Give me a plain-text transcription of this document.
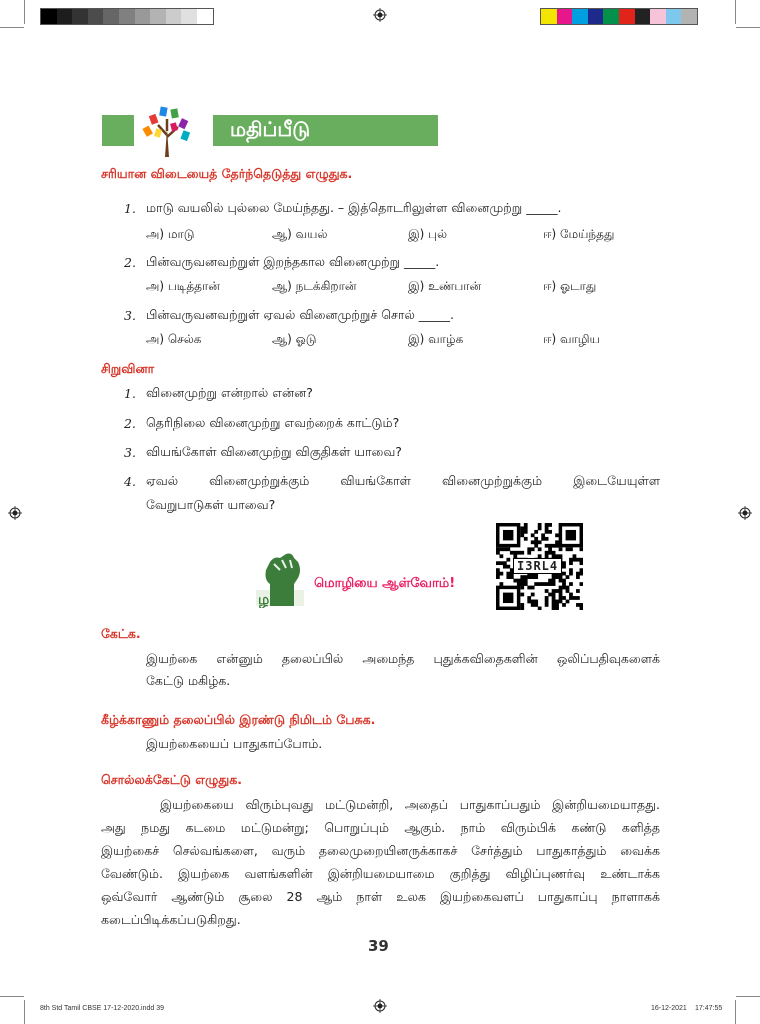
மதிப்பீடு
சரியான விடையைத் தேர்ந்தெடுத்து எழுதுக.
1. மாடு வயலில் புல்லை மேய்ந்தது. – இத்தொடரிலுள்ள வினைமுற்று _____.
அ) மாடு	ஆ) வயல்	இ) புல்	ஈ) மேய்ந்தது
2. பின்வருவனவற்றுள் இறந்தகால வினைமுற்று _____.
அ) படித்தான்	ஆ) நடக்கிறான்	இ) உண்பான்	ஈ) ஓடாது
3. பின்வருவனவற்றுள் ஏவல் வினைமுற்றுச் சொல் _____.
அ) செல்க	ஆ) ஓடு	இ) வாழ்க	ஈ) வாழிய
சிறுவினா
1. வினைமுற்று என்றால் என்ன?
2. தெரிநிலை வினைமுற்று எவற்றைக் காட்டும்?
3. வியங்கோள் வினைமுற்று விகுதிகள் யாவை?
4. ஏவல் வினைமுற்றுக்கும் வியங்கோள் வினைமுற்றுக்கும் இடையேயுள்ள
வேறுபாடுகள் யாவை?
ழ
மொழியை ஆள்வோம்!
I3RL4
கேட்க.
இயற்கை என்னும் தலைப்பில் அமைந்த புதுக்கவிதைகளின் ஒலிப்பதிவுகளைக்
கேட்டு மகிழ்க.
கீழ்க்காணும் தலைப்பில் இரண்டு நிமிடம் பேசுக.
இயற்கையைப் பாதுகாப்போம்.
சொல்லக்கேட்டு எழுதுக.
இயற்கையை விரும்புவது மட்டுமன்றி, அதைப் பாதுகாப்பதும் இன்றியமையாதது.
அது நமது கடமை மட்டுமன்று; பொறுப்பும் ஆகும். நாம் விரும்பிக் கண்டு களித்த
இயற்கைச் செல்வங்களை, வரும் தலைமுறையினருக்காகச் சேர்த்தும் பாதுகாத்தும் வைக்க
வேண்டும். இயற்கை வளங்களின் இன்றியமையாமை குறித்து விழிப்புணர்வு உண்டாக்க
ஒவ்வோர் ஆண்டும் சூலை 28 ஆம் நாள் உலக இயற்கைவளப் பாதுகாப்பு நாளாகக்
கடைப்பிடிக்கப்படுகிறது.
39
8th Std Tamil CBSE 17-12-2020.indd 39	16-12-2021 17:47:55
